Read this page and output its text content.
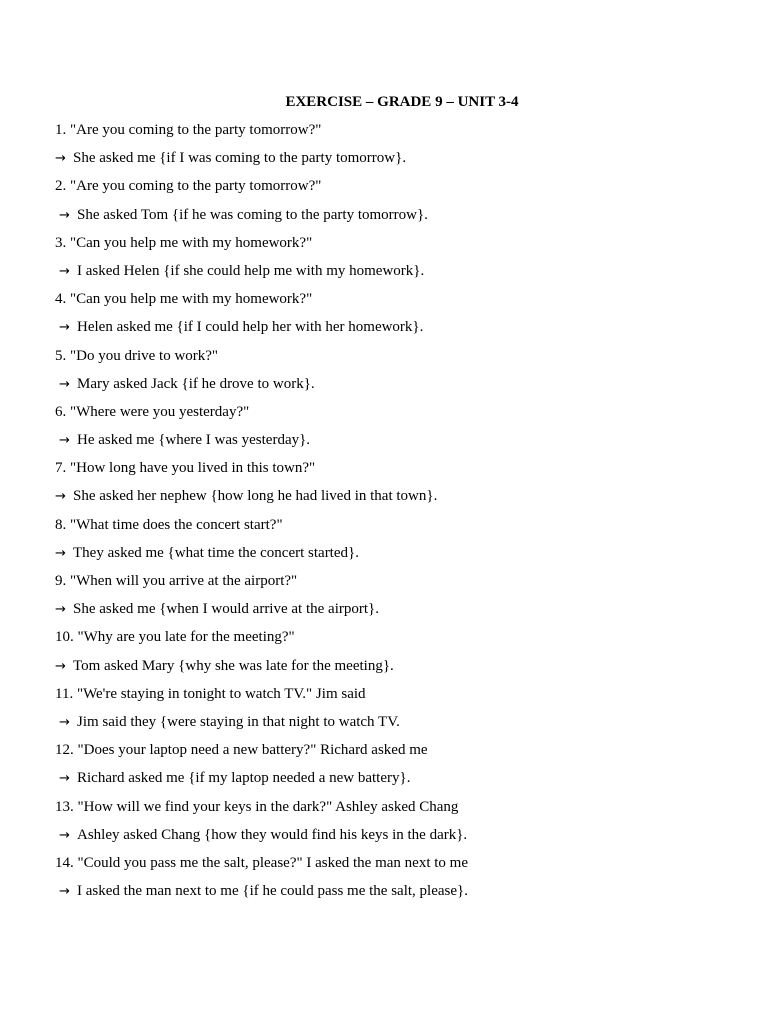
EXERCISE – GRADE 9 – UNIT 3-4
1. "Are you coming to the party tomorrow?"
→ She asked me {if I was coming to the party tomorrow}.
2. "Are you coming to the party tomorrow?"
→ She asked Tom {if he was coming to the party tomorrow}.
3. "Can you help me with my homework?"
→ I asked Helen {if she could help me with my homework}.
4. "Can you help me with my homework?"
→ Helen asked me {if I could help her with her homework}.
5. "Do you drive to work?"
→ Mary asked Jack {if he drove to work}.
6. "Where were you yesterday?"
→ He asked me {where I was yesterday}.
7. "How long have you lived in this town?"
→ She asked her nephew {how long he had lived in that town}.
8. "What time does the concert start?"
→ They asked me {what time the concert started}.
9. "When will you arrive at the airport?"
→ She asked me {when I would arrive at the airport}.
10. "Why are you late for the meeting?"
→ Tom asked Mary {why she was late for the meeting}.
11. "We're staying in tonight to watch TV." Jim said
→ Jim said they {were staying in that night to watch TV.
12. "Does your laptop need a new battery?" Richard asked me
→ Richard asked me {if my laptop needed a new battery}.
13. "How will we find your keys in the dark?" Ashley asked Chang
→ Ashley asked Chang {how they would find his keys in the dark}.
14. "Could you pass me the salt, please?" I asked the man next to me
→ I asked the man next to me {if he could pass me the salt, please}.
